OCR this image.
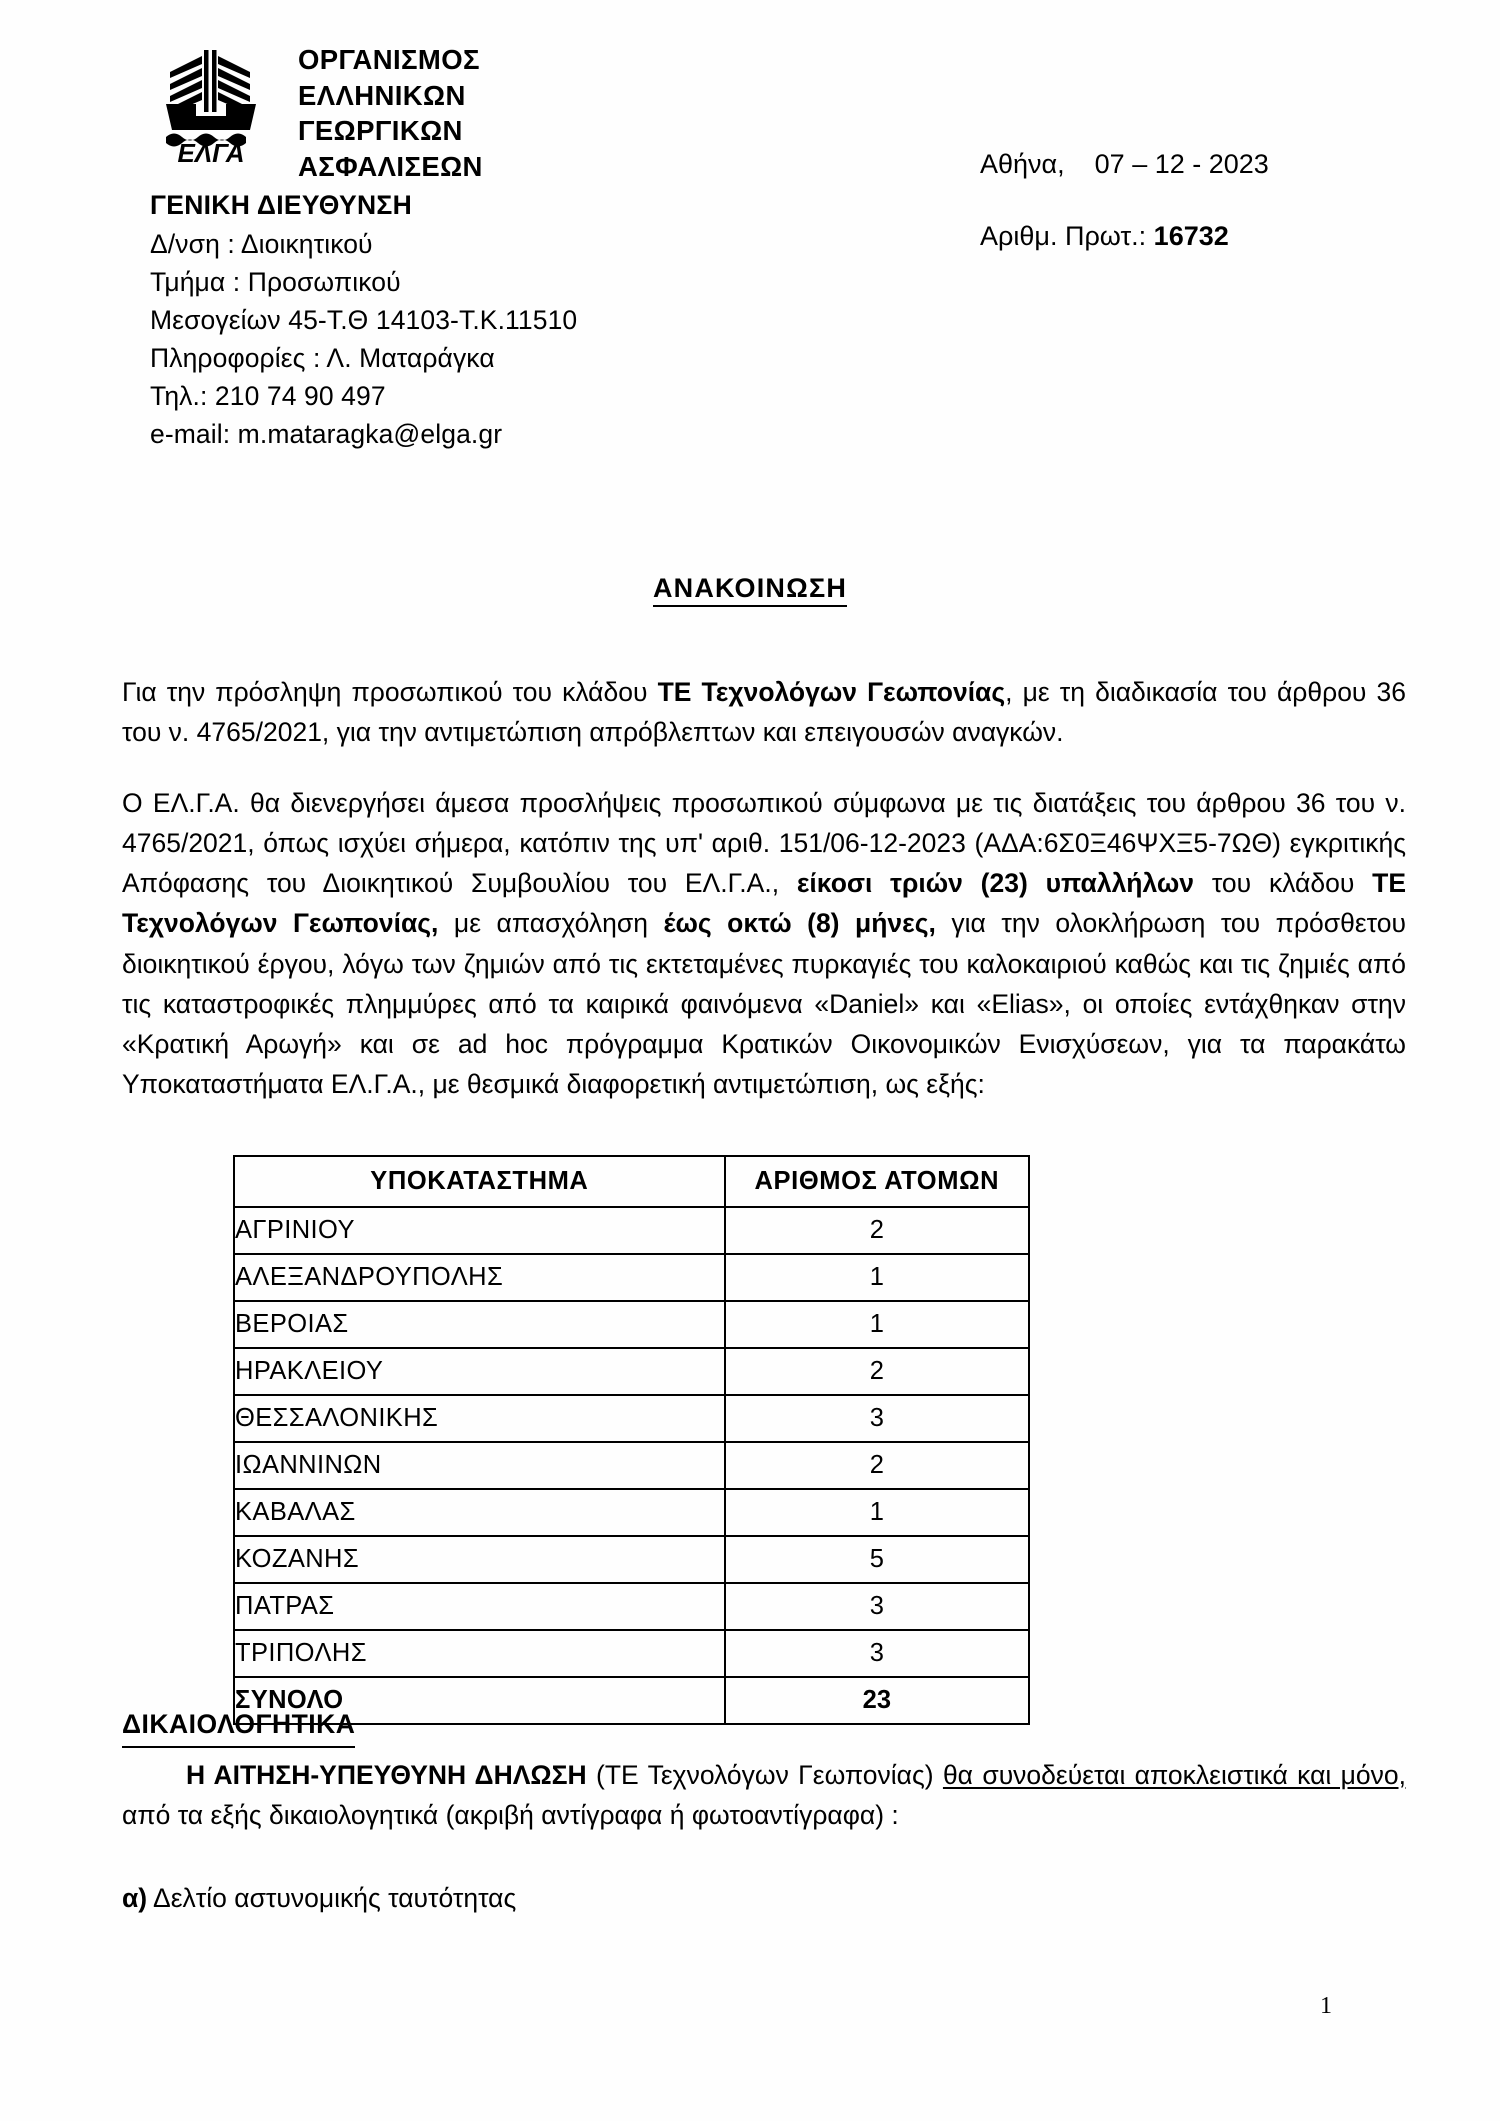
ΕΛΓΑ
ΟΡΓΑΝΙΣΜΟΣ
ΕΛΛΗΝΙΚΩΝ
ΓΕΩΡΓΙΚΩΝ
ΑΣΦΑΛΙΣΕΩΝ
ΓΕΝΙΚΗ ΔΙΕΥΘΥΝΣΗ
Δ/νση : Διοικητικού
Τμήμα : Προσωπικού
Μεσογείων 45-Τ.Θ 14103-Τ.Κ.11510
Πληροφορίες : Λ. Ματαράγκα
Τηλ.: 210 74 90 497
e-mail: m.mataragka@elga.gr
Αθήνα,    07 – 12 - 2023
Αριθμ. Πρωτ.: 16732
ΑΝΑΚΟΙΝΩΣΗ

Για την πρόσληψη προσωπικού του κλάδου ΤΕ Τεχνολόγων Γεωπονίας, με τη διαδικασία του άρθρου 36 του ν. 4765/2021, για την αντιμετώπιση απρόβλεπτων και επειγουσών αναγκών.

Ο ΕΛ.Γ.Α. θα διενεργήσει άμεσα προσλήψεις προσωπικού σύμφωνα με τις διατάξεις του άρθρου 36 του ν. 4765/2021, όπως ισχύει σήμερα, κατόπιν της υπ' αριθ. 151/06-12-2023 (ΑΔΑ:6Σ0Ξ46ΨΧΞ5-7ΩΘ) εγκριτικής Απόφασης του Διοικητικού Συμβουλίου του ΕΛ.Γ.Α., είκοσι τριών (23) υπαλλήλων του κλάδου ΤΕ Τεχνολόγων Γεωπονίας, με απασχόληση έως οκτώ (8) μήνες, για την ολοκλήρωση του πρόσθετου διοικητικού έργου, λόγω των ζημιών από τις εκτεταμένες πυρκαγιές του καλοκαιριού καθώς και τις ζημιές από τις καταστροφικές πλημμύρες από τα καιρικά φαινόμενα «Daniel» και «Elias», οι οποίες εντάχθηκαν στην «Κρατική Αρωγή» και σε ad hoc πρόγραμμα Κρατικών Οικονομικών Ενισχύσεων, για τα παρακάτω Υποκαταστήματα ΕΛ.Γ.Α., με θεσμικά διαφορετική αντιμετώπιση, ως εξής:

ΥΠΟΚΑΤΑΣΤΗΜΑ	ΑΡΙΘΜΟΣ ΑΤΟΜΩΝ
ΑΓΡΙΝΙΟΥ	2
ΑΛΕΞΑΝΔΡΟΥΠΟΛΗΣ	1
ΒΕΡΟΙΑΣ	1
ΗΡΑΚΛΕΙΟΥ	2
ΘΕΣΣΑΛΟΝΙΚΗΣ	3
ΙΩΑΝΝΙΝΩΝ	2
ΚΑΒΑΛΑΣ	1
ΚΟΖΑΝΗΣ	5
ΠΑΤΡΑΣ	3
ΤΡΙΠΟΛΗΣ	3
ΣΥΝΟΛΟ	23
ΔΙΚΑΙΟΛΟΓΗΤΙΚΑ

Η ΑΙΤΗΣΗ-ΥΠΕΥΘΥΝΗ ΔΗΛΩΣΗ (ΤΕ Τεχνολόγων Γεωπονίας) θα συνοδεύεται αποκλειστικά και μόνο, από τα εξής δικαιολογητικά (ακριβή αντίγραφα ή φωτοαντίγραφα) :

α) Δελτίο αστυνομικής ταυτότητας

1
